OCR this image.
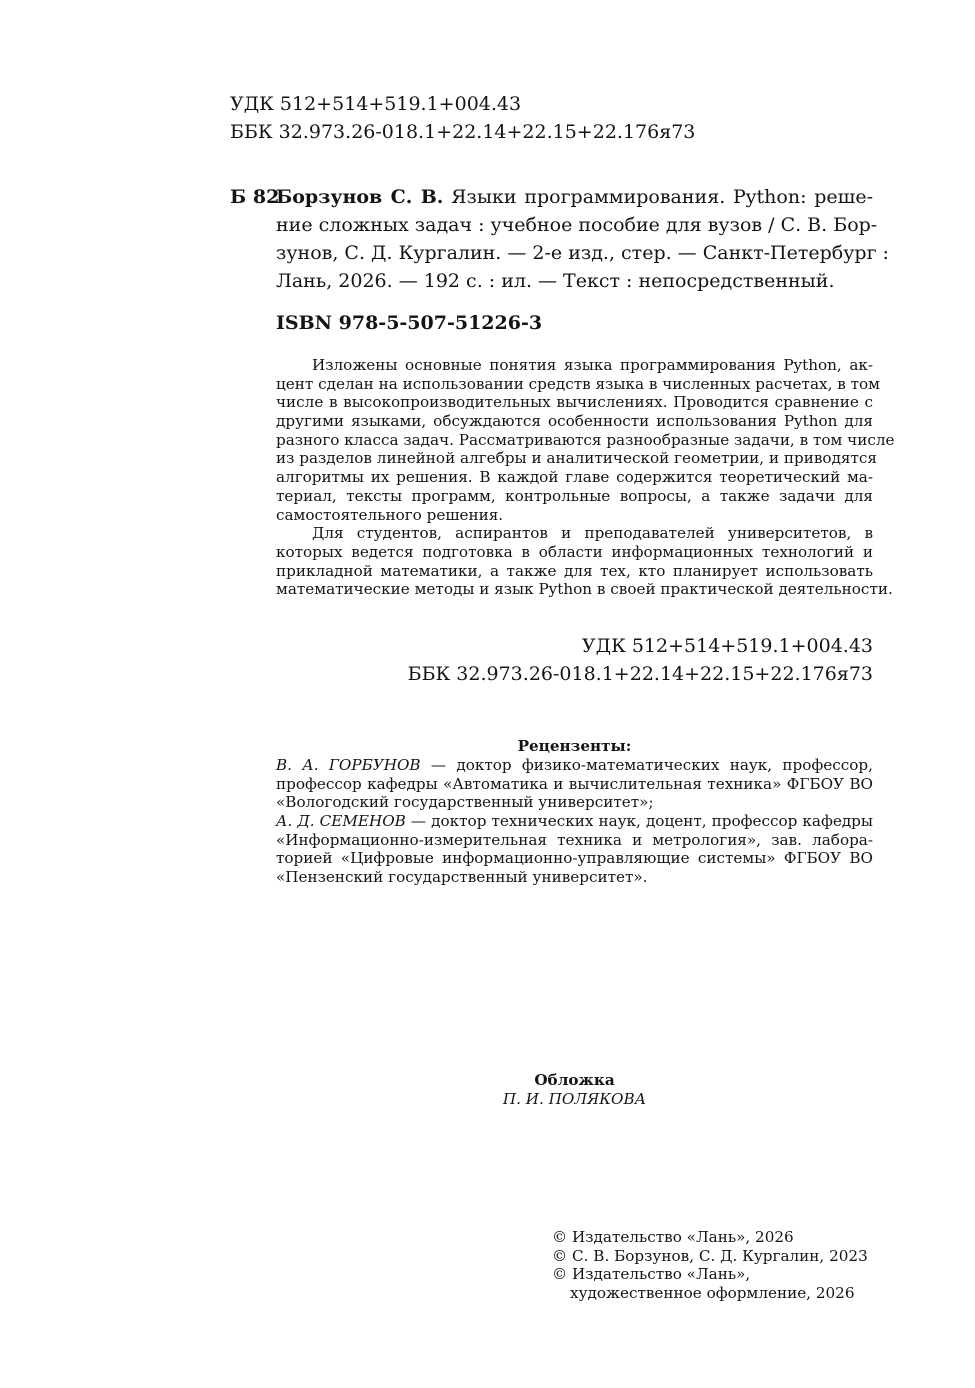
УДК 512+514+519.1+004.43
ББК 32.973.26-018.1+22.14+22.15+22.176я73
Б 82
Борзунов С. В. Языки программирования. Python: реше-
ние сложных задач : учебное пособие для вузов / С. В. Бор-
зунов, С. Д. Кургалин. — 2-е изд., стер. — Санкт-Петербург :
Лань, 2026. — 192 с. : ил. — Текст : непосредственный.
ISBN 978-5-507-51226-3
Изложены основные понятия языка программирования Python, ак-
цент сделан на использовании средств языка в численных расчетах, в том
числе в высокопроизводительных вычислениях. Проводится сравнение с
другими языками, обсуждаются особенности использования Python для
разного класса задач. Рассматриваются разнообразные задачи, в том числе
из разделов линейной алгебры и аналитической геометрии, и приводятся
алгоритмы их решения. В каждой главе содержится теоретический ма-
териал, тексты программ, контрольные вопросы, а также задачи для
самостоятельного решения.
Для студентов, аспирантов и преподавателей университетов, в
которых ведется подготовка в области информационных технологий и
прикладной математики, а также для тех, кто планирует использовать
математические методы и язык Python в своей практической деятельности.
УДК 512+514+519.1+004.43
ББК 32.973.26-018.1+22.14+22.15+22.176я73
Рецензенты:
В. А. ГОРБУНОВ — доктор физико-математических наук, профессор,
профессор кафедры «Автоматика и вычислительная техника» ФГБОУ ВО
«Вологодский государственный университет»;
А. Д. СЕМЕНОВ — доктор технических наук, доцент, профессор кафедры
«Информационно-измерительная техника и метрология», зав. лабора-
торией «Цифровые информационно-управляющие системы» ФГБОУ ВО
«Пензенский государственный университет».
Обложка
П. И. ПОЛЯКОВА
© Издательство «Лань», 2026
© С. В. Борзунов, С. Д. Кургалин, 2023
© Издательство «Лань»,
художественное оформление, 2026
